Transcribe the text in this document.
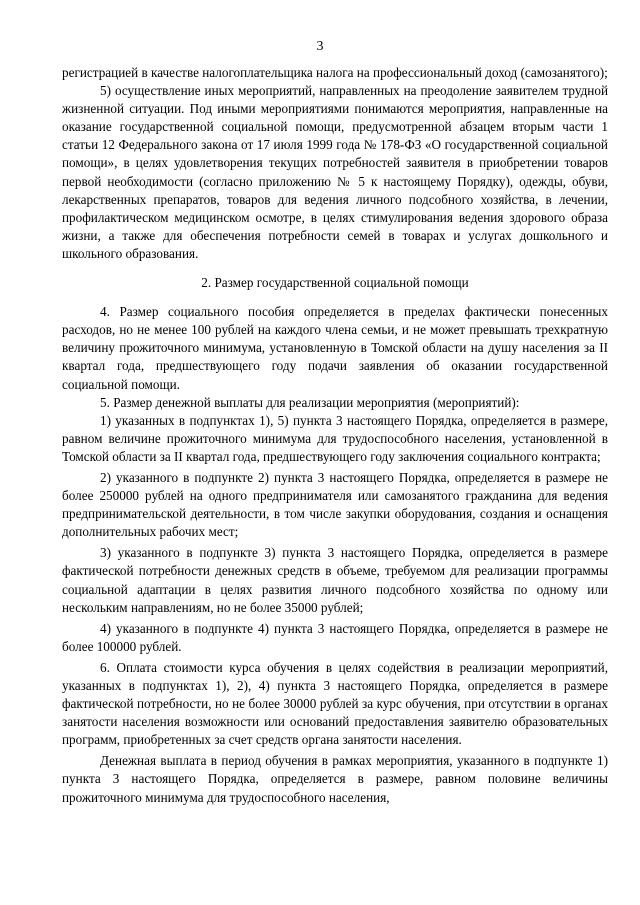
3

регистрацией в качестве налогоплательщика налога на профессиональный доход (самозанятого);

5) осуществление иных мероприятий, направленных на преодоление заявителем трудной жизненной ситуации. Под иными мероприятиями понимаются мероприятия, направленные на оказание государственной социальной помощи, предусмотренной абзацем вторым части 1 статьи 12 Федерального закона от 17 июля 1999 года № 178-ФЗ «О государственной социальной помощи», в целях удовлетворения текущих потребностей заявителя в приобретении товаров первой необходимости (согласно приложению № 5 к настоящему Порядку), одежды, обуви, лекарственных препаратов, товаров для ведения личного подсобного хозяйства, в лечении, профилактическом медицинском осмотре, в целях стимулирования ведения здорового образа жизни, а также для обеспечения потребности семей в товарах и услугах дошкольного и школьного образования.

2. Размер государственной социальной помощи

4. Размер социального пособия определяется в пределах фактически понесенных расходов, но не менее 100 рублей на каждого члена семьи, и не может превышать трехкратную величину прожиточного минимума, установленную в Томской области на душу населения за II квартал года, предшествующего году подачи заявления об оказании государственной социальной помощи.

5. Размер денежной выплаты для реализации мероприятия (мероприятий):

1) указанных в подпунктах 1), 5) пункта 3 настоящего Порядка, определяется в размере, равном величине прожиточного минимума для трудоспособного населения, установленной в Томской области за II квартал года, предшествующего году заключения социального контракта;

2) указанного в подпункте 2) пункта 3 настоящего Порядка, определяется в размере не более 250000 рублей на одного предпринимателя или самозанятого гражданина для ведения предпринимательской деятельности, в том числе закупки оборудования, создания и оснащения дополнительных рабочих мест;

3) указанного в подпункте 3) пункта 3 настоящего Порядка, определяется в размере фактической потребности денежных средств в объеме, требуемом для реализации программы социальной адаптации в целях развития личного подсобного хозяйства по одному или нескольким направлениям, но не более 35000 рублей;

4) указанного в подпункте 4) пункта 3 настоящего Порядка, определяется в размере не более 100000 рублей.

6. Оплата стоимости курса обучения в целях содействия в реализации мероприятий, указанных в подпунктах 1), 2), 4) пункта 3 настоящего Порядка, определяется в размере фактической потребности, но не более 30000 рублей за курс обучения, при отсутствии в органах занятости населения возможности или оснований предоставления заявителю образовательных программ, приобретенных за счет средств органа занятости населения.

Денежная выплата в период обучения в рамках мероприятия, указанного в подпункте 1) пункта 3 настоящего Порядка, определяется в размере, равном половине величины прожиточного минимума для трудоспособного населения,
